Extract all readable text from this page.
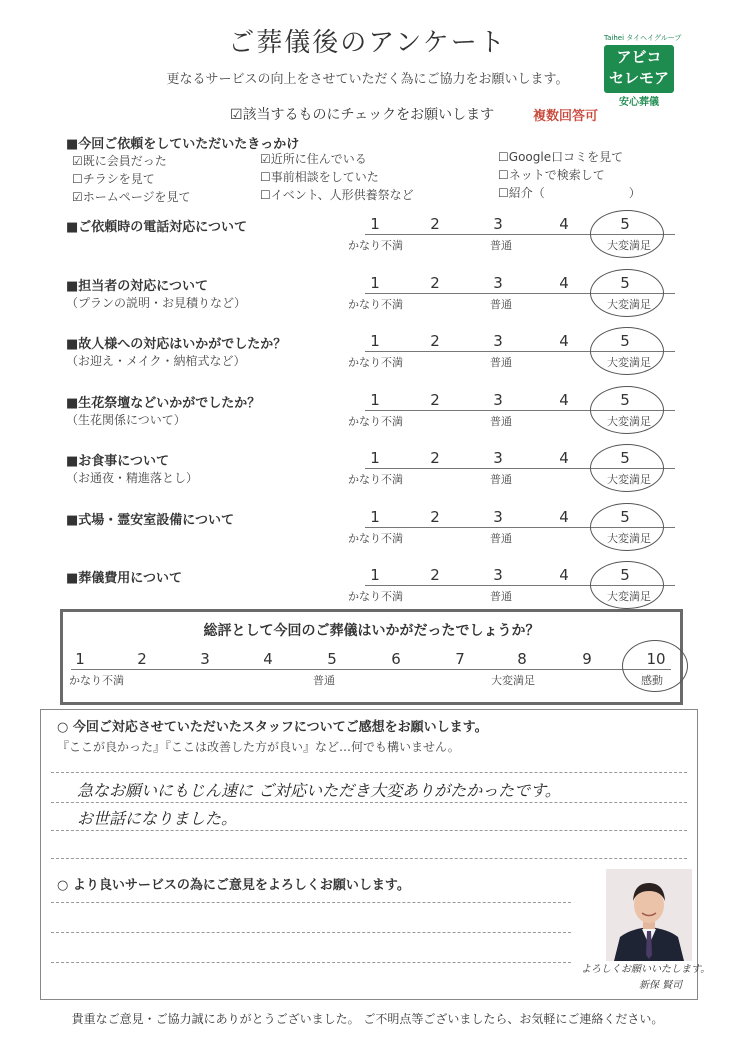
ご葬儀後のアンケート
更なるサービスの向上をさせていただく為にご協力をお願いします。
Taihei タイヘイグループ
アビコ
セレモア
安心葬儀
☑該当するものにチェックをお願いします	複数回答可
■今回ご依頼をしていただいたきっかけ
☑既に会員だった
☐チラシを見て
☑ホームページを見て
☑近所に住んでいる
☐事前相談をしていた
☐イベント、人形供養祭など
☐Google口コミを見て
☐ネットで検索して
☐紹介（　　　　　　　）
■ご依頼時の電話対応について	1	2	3	4	5
かなり不満	普通	大変満足
■担当者の対応について
（プランの説明・お見積りなど）
1	2	3	4	5
かなり不満	普通	大変満足
■故人様への対応はいかがでしたか？
（お迎え・メイク・納棺式など）
1	2	3	4	5
かなり不満	普通	大変満足
■生花祭壇などいかがでしたか？
（生花関係について）
1	2	3	4	5
かなり不満	普通	大変満足
■お食事について
（お通夜・精進落とし）
1	2	3	4	5
かなり不満	普通	大変満足
■式場・霊安室設備について	1	2	3	4	5
かなり不満	普通	大変満足
■葬儀費用について	1	2	3	4	5
かなり不満	普通	大変満足
総評として今回のご葬儀はいかがだったでしょうか？
1	2	3	4	5	6	7	8	9	10
かなり不満	普通	大変満足	感動
○ 今回ご対応させていただいたスタッフについてご感想をお願いします。
『ここが良かった』『ここは改善した方が良い』など…何でも構いません。
急なお願いにもじん速に ご対応いただき大変ありがたかったです。
お世話になりました。
○ より良いサービスの為にご意見をよろしくお願いします。
よろしくお願いいたします。
新保 賢司
貴重なご意見・ご協力誠にありがとうございました。 ご不明点等ございましたら、お気軽にご連絡ください。
